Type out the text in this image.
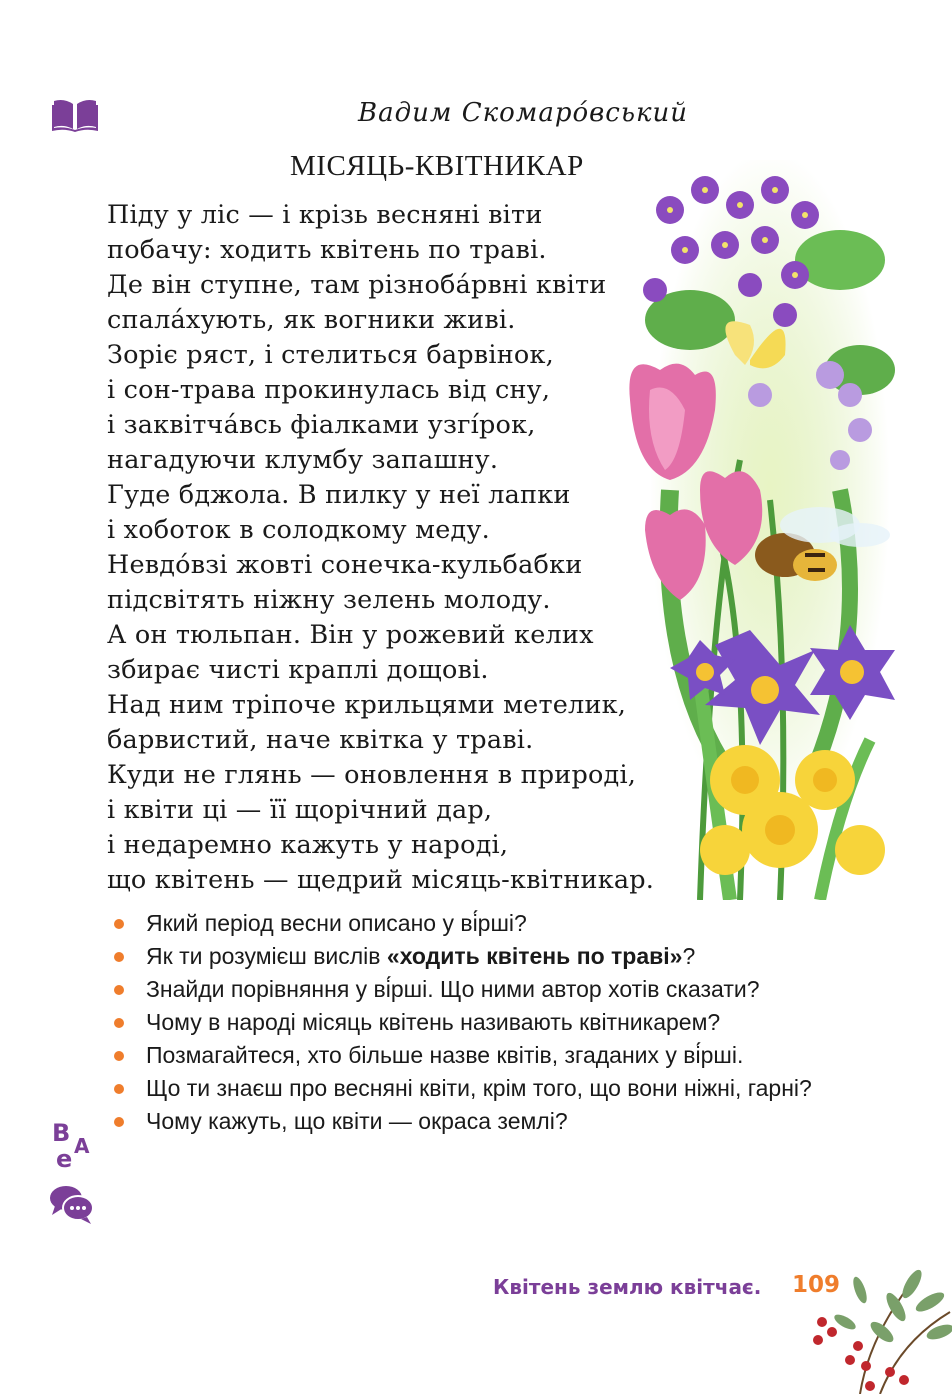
Вадим Скомаро́вський
МІСЯЦЬ-КВІТНИКАР
Піду у ліс — і крізь весняні віти
побачу: ходить квітень по траві.
Де він ступне, там різноба́рвні квіти
спала́хують, як вогники живі.
Зоріє ряст, і стелиться барвінок,
і сон-трава прокинулась від сну,
і заквітча́всь фіалками узгі́рок,
нагадуючи клумбу запашну.
Гуде бджола. В пилку у неї лапки
і хоботок в солодкому меду.
Невдо́взі жовті сонечка-кульбабки
підсвітять ніжну зелень молоду.
А он тюльпан. Він у рожевий келих
збирає чисті краплі дощові.
Над ним тріпоче крильцями метелик,
барвистий, наче квітка у траві.
Куди не глянь — оновлення в природі,
і квіти ці — її щорічний дар,
і недаремно кажуть у народі,
що квітень — щедрий місяць-квітникар.
Який період весни описано у ві́рші?
Як ти розумієш вислів «ходить квітень по траві»?
Знайди порівняння у ві́рші. Що ними автор хотів сказати?
Чому в народі місяць квітень називають квітникарем?
Позмагайтеся, хто більше назве квітів, згаданих у ві́рші.
Що ти знаєш про весняні квіти, крім того, що вони ніжні, гарні?
Чому кажуть, що квіти — окраса землі?
В А
е
Квітень землю квітчає. 109
